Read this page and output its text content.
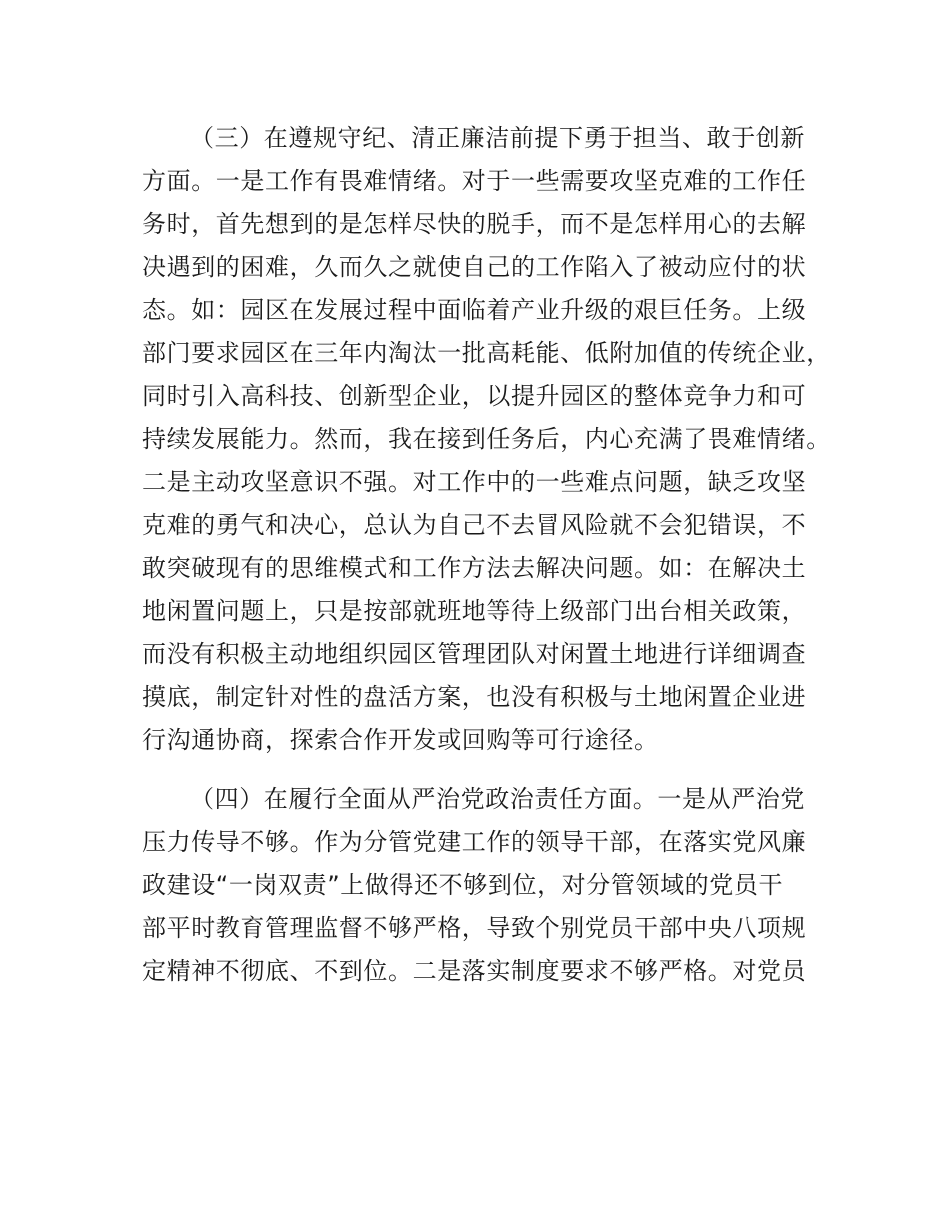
（三）在遵规守纪、清正廉洁前提下勇于担当、敢于创新
方面。一是工作有畏难情绪。对于一些需要攻坚克难的工作任
务时，首先想到的是怎样尽快的脱手，而不是怎样用心的去解
决遇到的困难，久而久之就使自己的工作陷入了被动应付的状
态。如：园区在发展过程中面临着产业升级的艰巨任务。上级
部门要求园区在三年内淘汰一批高耗能、低附加值的传统企业，
同时引入高科技、创新型企业，以提升园区的整体竞争力和可
持续发展能力。然而，我在接到任务后，内心充满了畏难情绪。
二是主动攻坚意识不强。对工作中的一些难点问题，缺乏攻坚
克难的勇气和决心，总认为自己不去冒风险就不会犯错误，不
敢突破现有的思维模式和工作方法去解决问题。如：在解决土
地闲置问题上，只是按部就班地等待上级部门出台相关政策，
而没有积极主动地组织园区管理团队对闲置土地进行详细调查
摸底，制定针对性的盘活方案，也没有积极与土地闲置企业进
行沟通协商，探索合作开发或回购等可行途径。
（四）在履行全面从严治党政治责任方面。一是从严治党
压力传导不够。作为分管党建工作的领导干部，在落实党风廉
政建设“一岗双责”上做得还不够到位，对分管领域的党员干
部平时教育管理监督不够严格，导致个别党员干部中央八项规
定精神不彻底、不到位。二是落实制度要求不够严格。对党员
